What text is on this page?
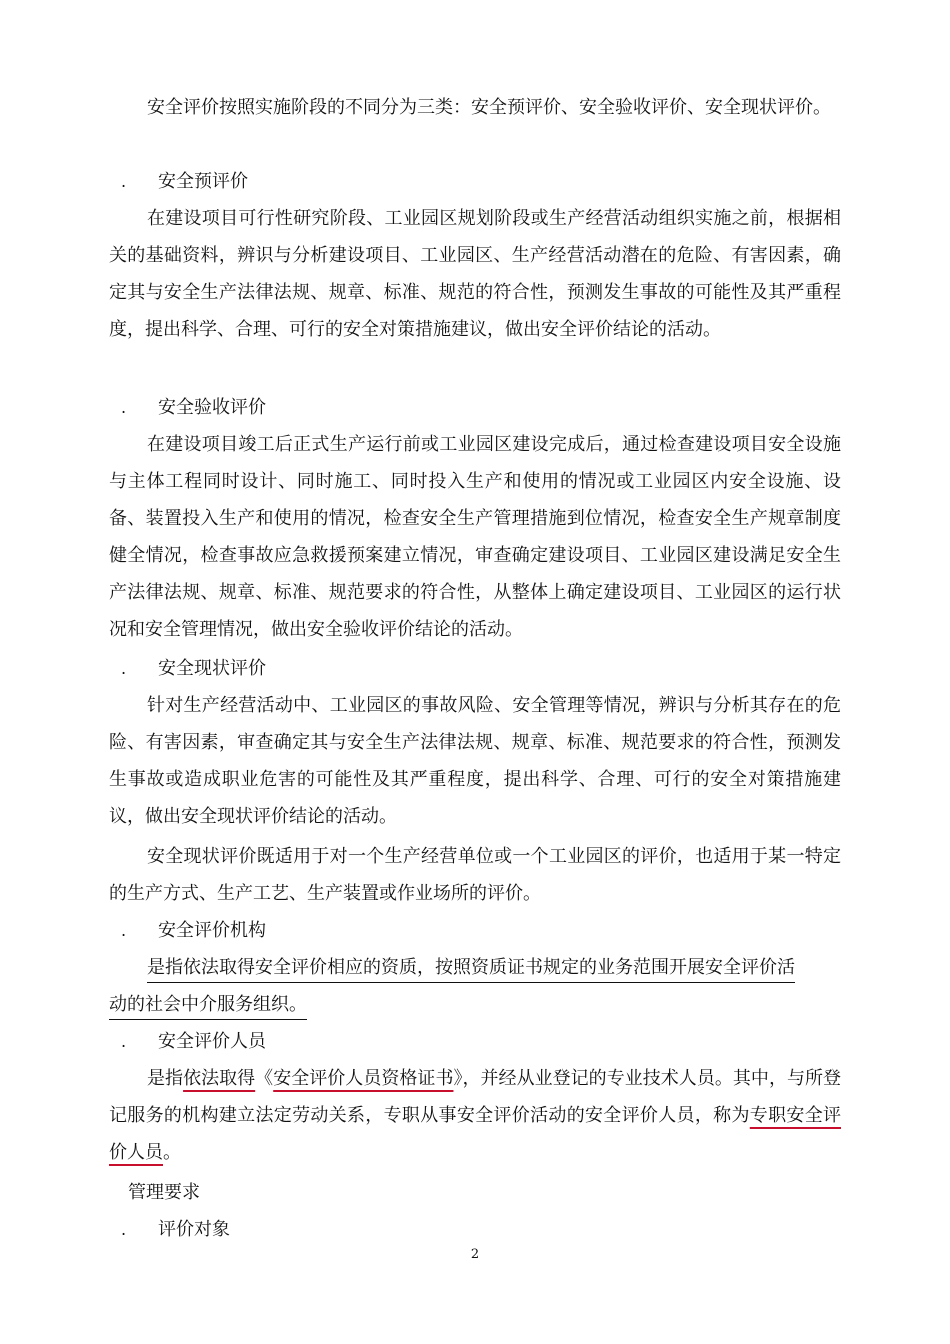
安全评价按照实施阶段的不同分为三类：安全预评价、安全验收评价、安全现状评价。
. 安全预评价
在建设项目可行性研究阶段、工业园区规划阶段或生产经营活动组织实施之前，根据相关的基础资料，辨识与分析建设项目、工业园区、生产经营活动潜在的危险、有害因素，确定其与安全生产法律法规、规章、标准、规范的符合性，预测发生事故的可能性及其严重程度，提出科学、合理、可行的安全对策措施建议，做出安全评价结论的活动。
. 安全验收评价
在建设项目竣工后正式生产运行前或工业园区建设完成后，通过检查建设项目安全设施与主体工程同时设计、同时施工、同时投入生产和使用的情况或工业园区内安全设施、设备、装置投入生产和使用的情况，检查安全生产管理措施到位情况，检查安全生产规章制度健全情况，检查事故应急救援预案建立情况，审查确定建设项目、工业园区建设满足安全生产法律法规、规章、标准、规范要求的符合性，从整体上确定建设项目、工业园区的运行状况和安全管理情况，做出安全验收评价结论的活动。
. 安全现状评价
针对生产经营活动中、工业园区的事故风险、安全管理等情况，辨识与分析其存在的危险、有害因素，审查确定其与安全生产法律法规、规章、标准、规范要求的符合性，预测发生事故或造成职业危害的可能性及其严重程度，提出科学、合理、可行的安全对策措施建议，做出安全现状评价结论的活动。
安全现状评价既适用于对一个生产经营单位或一个工业园区的评价，也适用于某一特定的生产方式、生产工艺、生产装置或作业场所的评价。
. 安全评价机构
是指依法取得安全评价相应的资质，按照资质证书规定的业务范围开展安全评价活
动的社会中介服务组织。
. 安全评价人员
是指依法取得《安全评价人员资格证书》，并经从业登记的专业技术人员。其中，与所登记服务的机构建立法定劳动关系，专职从事安全评价活动的安全评价人员，称为专职安全评价人员。
管理要求
. 评价对象
2
